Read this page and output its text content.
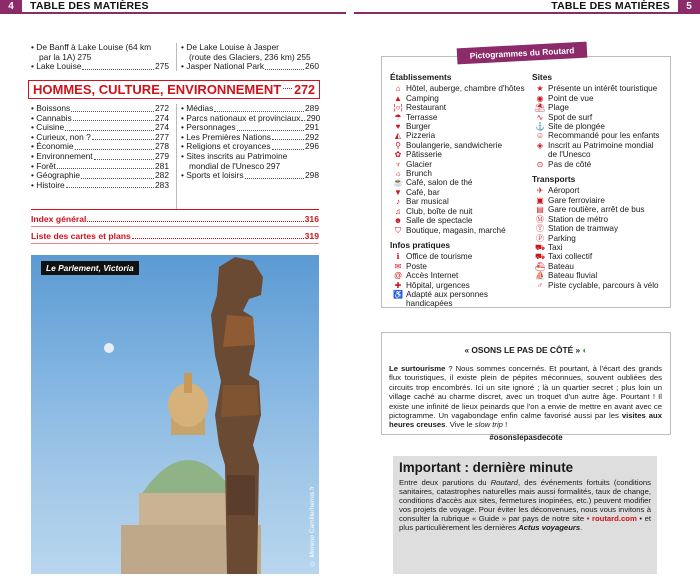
4	TABLE DES MATIÈRES	TABLE DES MATIÈRES	5
• De Banff à Lake Louise (64 km
par la 1A) 275
• Lake Louise	275
• De Lake Louise à Jasper
(route des Glaciers, 236 km) 255
• Jasper National Park	260
HOMMES, CULTURE, ENVIRONNEMENT 272
• Boissons	272
• Cannabis	274
• Cuisine	274
• Curieux, non ?	277
• Économie	278
• Environnement	279
• Forêt	281
• Géographie	282
• Histoire	283
• Médias	289
• Parcs nationaux et provinciaux 290
• Personnages	291
• Les Premières Nations	292
• Religions et croyances	296
• Sites inscrits au Patrimoine
mondial de l'Unesco 297
• Sports et loisirs	298
Index général	316
Liste des cartes et plans	319
Le Parlement, Victoria
© Moreno Camille/hemis.fr
Pictogrammes du Routard
Établissements
⌂ Hôtel, auberge, chambre d'hôtes
▲ Camping
¦○¦ Restaurant
☂ Terrasse
♥ Burger
◭ Pizzeria
⚲ Boulangerie, sandwicherie
✿ Pâtisserie
♆ Glacier
☼ Brunch
☕ Café, salon de thé
▼ Café, bar
♪ Bar musical
♫ Club, boîte de nuit
☻ Salle de spectacle
⛉ Boutique, magasin, marché
Infos pratiques
ℹ Office de tourisme
✉ Poste
@ Accès Internet
✚ Hôpital, urgences
♿ Adapté aux personnes
handicapées
Sites
★ Présente un intérêt touristique
◉ Point de vue
⛱ Plage
∿ Spot de surf
⚓ Site de plongée
☺ Recommandé pour les enfants
◈ Inscrit au Patrimoine mondial
de l'Unesco
⊙ Pas de côté
Transports
✈ Aéroport
▣ Gare ferroviaire
▤ Gare routière, arrêt de bus
Ⓜ Station de métro
Ⓣ Station de tramway
Ⓟ Parking
⛟ Taxi
⛟ Taxi collectif
⛴ Bateau
⛵ Bateau fluvial
♂ Piste cyclable, parcours à vélo
« OSONS LE PAS DE CÔTÉ » ◐
Le surtourisme ? Nous sommes concernés. Et pourtant, à l'écart des grands flux touristiques, il existe plein de pépites méconnues, souvent oubliées des circuits trop encombrés. Ici un site ignoré ; là un quartier secret ; plus loin un village caché au charme discret, avec un troquet d'un autre âge. Pourtant ! Il existe une infinité de lieux peinards que l'on a envie de mettre en avant avec ce pictogramme. Un vagabondage enfin calme favorisé aussi par les visites aux heures creuses. Vive le slow trip !
#osonslepasdecote
Important : dernière minute
Entre deux parutions du Routard, des événements fortuits (conditions sanitaires, catastrophes naturelles mais aussi formalités, taux de change, conditions d'accès aux sites, fermetures inopinées, etc.) peuvent modifier vos projets de voyage. Pour éviter les déconvenues, nous vous invitons à consulter la rubrique « Guide » par pays de notre site • routard.com • et plus particulièrement les dernières Actus voyageurs.
